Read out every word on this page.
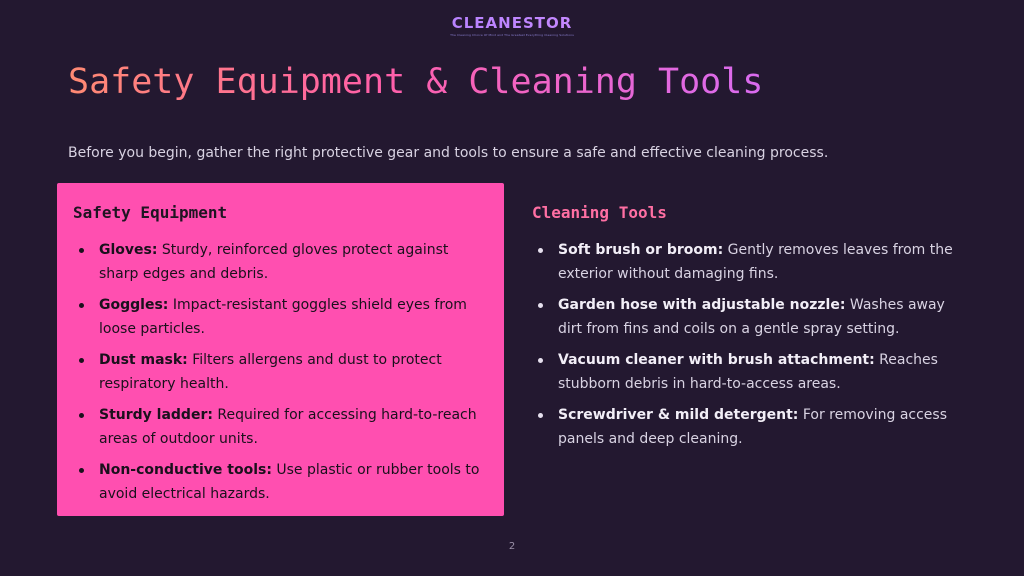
CLEANESTOR
The Cleaning Choice Of Mind and The Greatest Everything Cleaning Solutions
Safety Equipment & Cleaning Tools

Before you begin, gather the right protective gear and tools to ensure a safe and effective cleaning process.

Safety Equipment
Gloves: Sturdy, reinforced gloves protect against sharp edges and debris.
Goggles: Impact-resistant goggles shield eyes from loose particles.
Dust mask: Filters allergens and dust to protect respiratory health.
Sturdy ladder: Required for accessing hard-to-reach areas of outdoor units.
Non-conductive tools: Use plastic or rubber tools to avoid electrical hazards.
Cleaning Tools
Soft brush or broom: Gently removes leaves from the exterior without damaging fins.
Garden hose with adjustable nozzle: Washes away dirt from fins and coils on a gentle spray setting.
Vacuum cleaner with brush attachment: Reaches stubborn debris in hard-to-access areas.
Screwdriver & mild detergent: For removing access panels and deep cleaning.
2
